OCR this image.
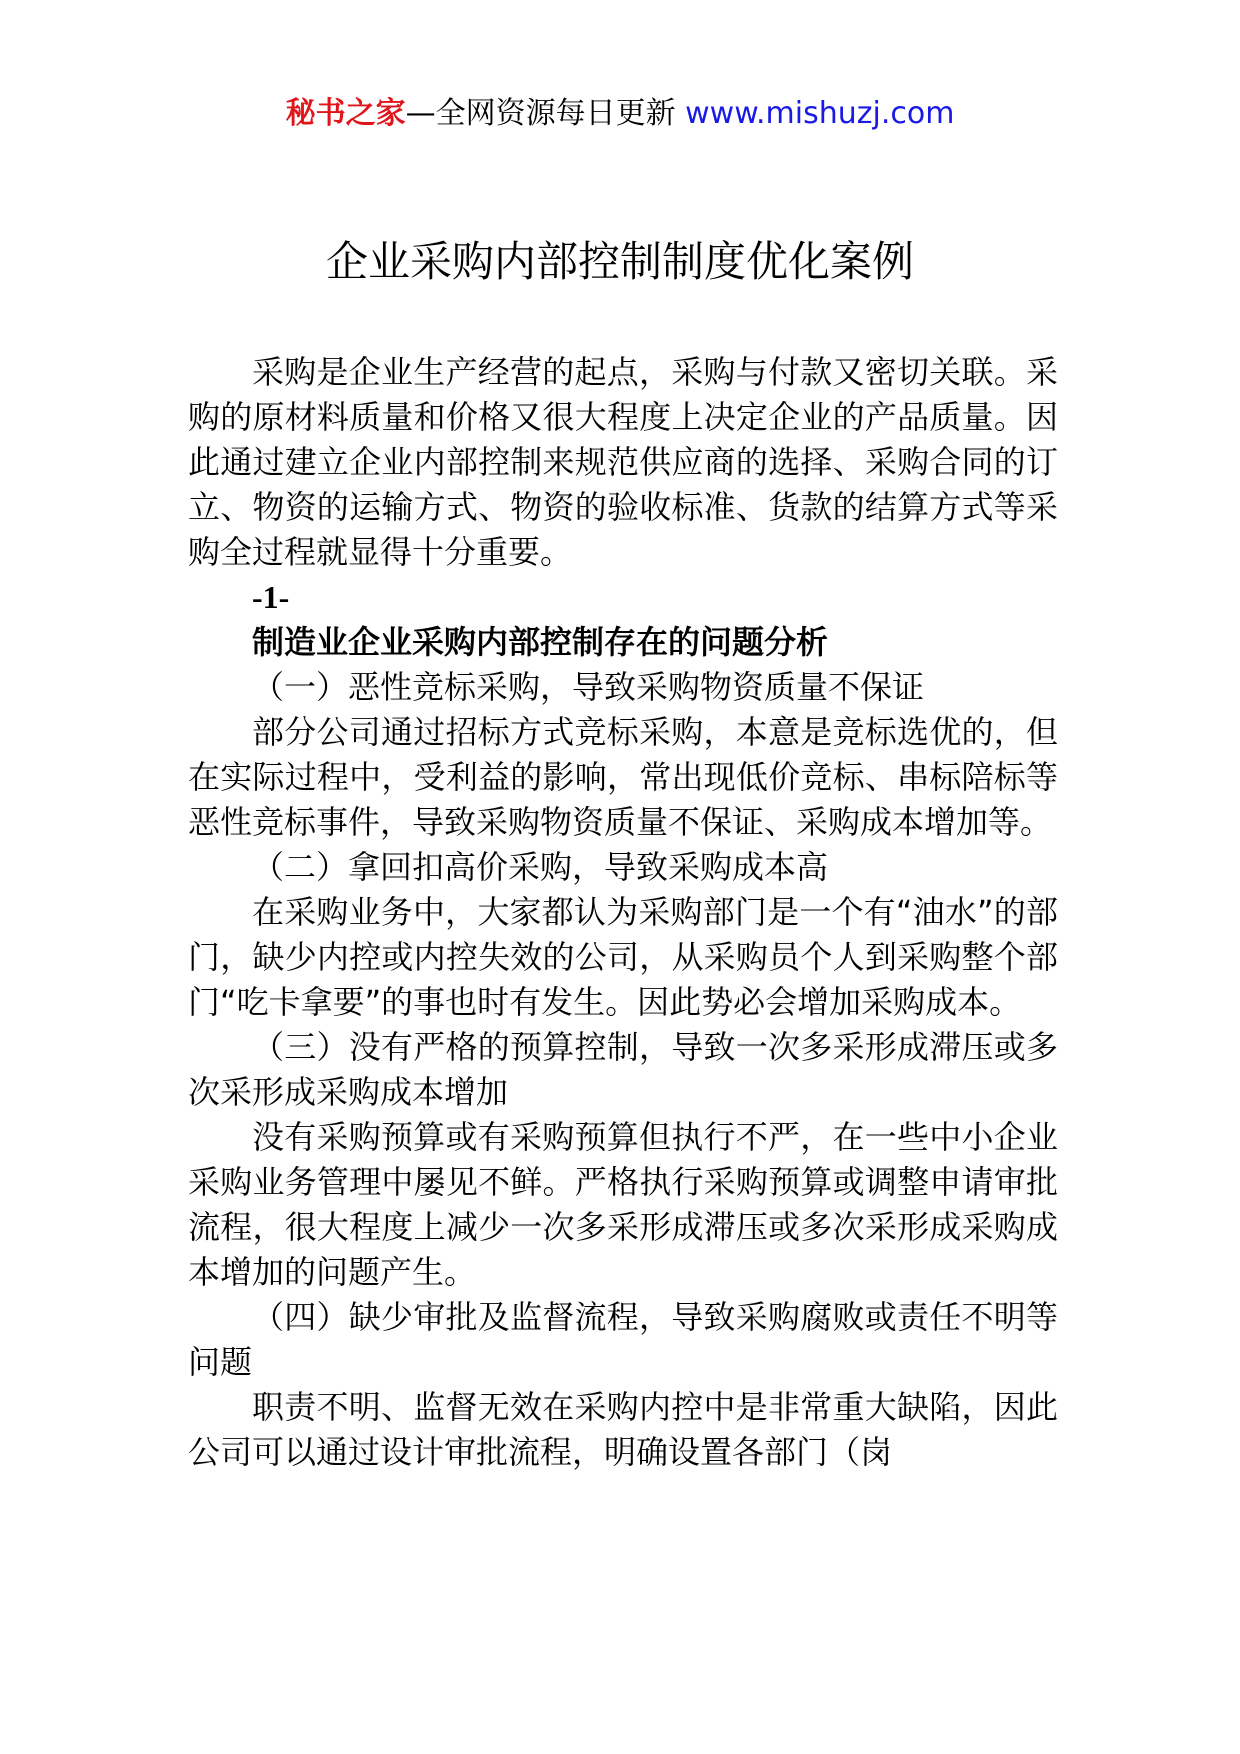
秘书之家—全网资源每日更新 www.mishuzj.com
企业采购内部控制制度优化案例

采购是企业生产经营的起点，采购与付款又密切关联。采购的原材料质量和价格又很大程度上决定企业的产品质量。因此通过建立企业内部控制来规范供应商的选择、采购合同的订立、物资的运输方式、物资的验收标准、货款的结算方式等采购全过程就显得十分重要。

-1-

制造业企业采购内部控制存在的问题分析

（一）恶性竞标采购，导致采购物资质量不保证

部分公司通过招标方式竞标采购，本意是竞标选优的，但在实际过程中，受利益的影响，常出现低价竞标、串标陪标等恶性竞标事件，导致采购物资质量不保证、采购成本增加等。

（二）拿回扣高价采购，导致采购成本高

在采购业务中，大家都认为采购部门是一个有“油水”的部门，缺少内控或内控失效的公司，从采购员个人到采购整个部门“吃卡拿要”的事也时有发生。因此势必会增加采购成本。

（三）没有严格的预算控制，导致一次多采形成滞压或多次采形成采购成本增加

没有采购预算或有采购预算但执行不严，在一些中小企业采购业务管理中屡见不鲜。严格执行采购预算或调整申请审批流程，很大程度上减少一次多采形成滞压或多次采形成采购成本增加的问题产生。

（四）缺少审批及监督流程，导致采购腐败或责任不明等问题

职责不明、监督无效在采购内控中是非常重大缺陷，因此公司可以通过设计审批流程，明确设置各部门（岗
